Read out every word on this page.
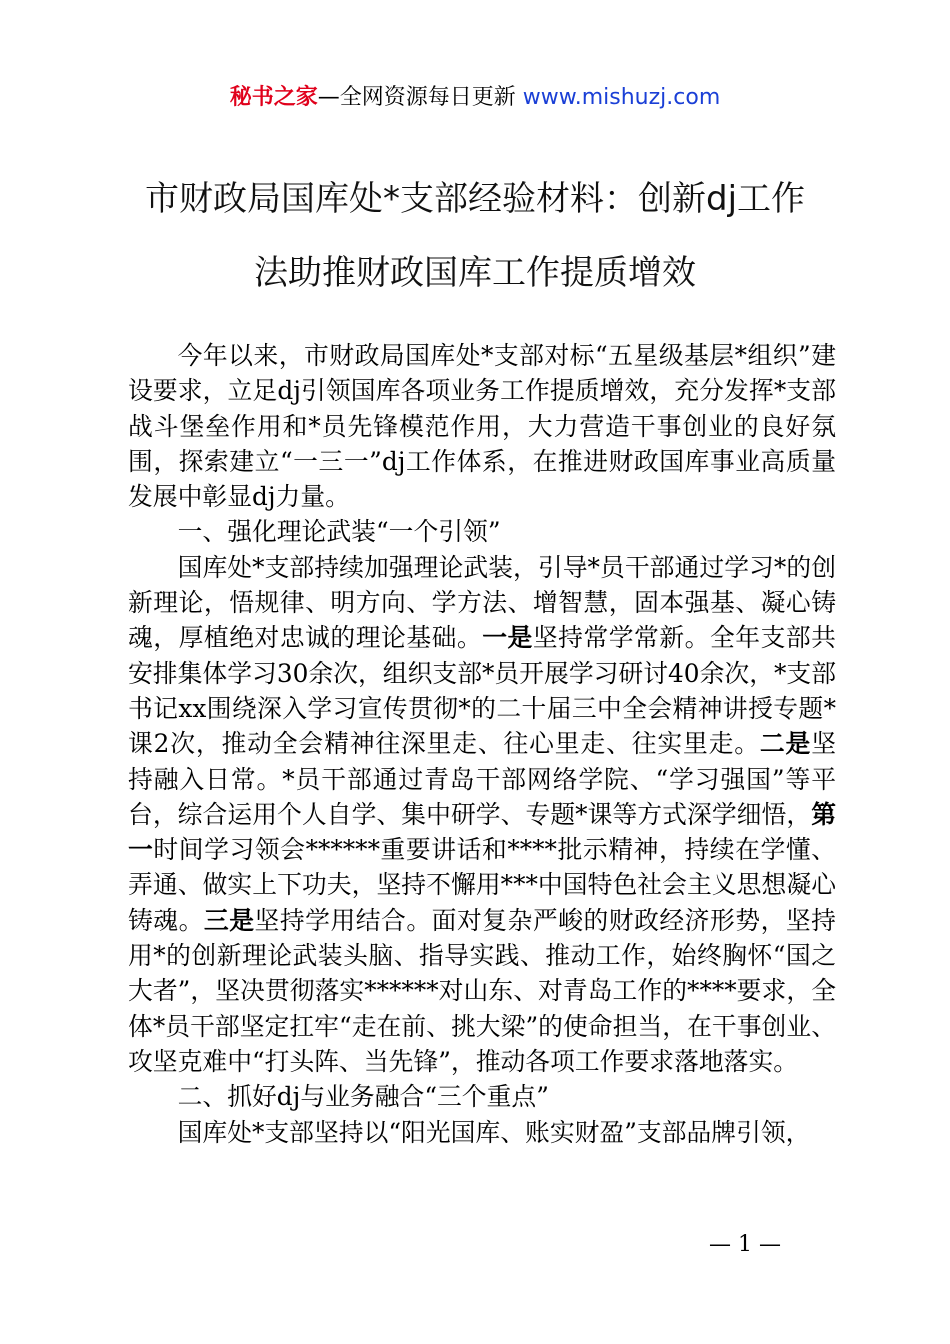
秘书之家—全网资源每日更新 www.mishuzj.com
市财政局国库处*支部经验材料：创新dj工作法助推财政国库工作提质增效

今年以来，市财政局国库处*支部对标“五星级基层*组织”建设要求，立足dj引领国库各项业务工作提质增效，充分发挥*支部战斗堡垒作用和*员先锋模范作用，大力营造干事创业的良好氛围，探索建立“一三一”dj工作体系，在推进财政国库事业高质量发展中彰显dj力量。

一、强化理论武装“一个引领”

国库处*支部持续加强理论武装，引导*员干部通过学习*的创新理论，悟规律、明方向、学方法、增智慧，固本强基、凝心铸魂，厚植绝对忠诚的理论基础。一是坚持常学常新。全年支部共安排集体学习30余次，组织支部*员开展学习研讨40余次，*支部书记xx围绕深入学习宣传贯彻*的二十届三中全会精神讲授专题*课2次，推动全会精神往深里走、往心里走、往实里走。二是坚持融入日常。*员干部通过青岛干部网络学院、“学习强国”等平台，综合运用个人自学、集中研学、专题*课等方式深学细悟，第一时间学习领会******重要讲话和****批示精神，持续在学懂、弄通、做实上下功夫，坚持不懈用***中国特色社会主义思想凝心铸魂。三是坚持学用结合。面对复杂严峻的财政经济形势，坚持用*的创新理论武装头脑、指导实践、推动工作，始终胸怀“国之大者”，坚决贯彻落实******对山东、对青岛工作的****要求，全体*员干部坚定扛牢“走在前、挑大梁”的使命担当，在干事创业、攻坚克难中“打头阵、当先锋”，推动各项工作要求落地落实。

二、抓好dj与业务融合“三个重点”

国库处*支部坚持以“阳光国库、账实财盈”支部品牌引领，

— 1 —
